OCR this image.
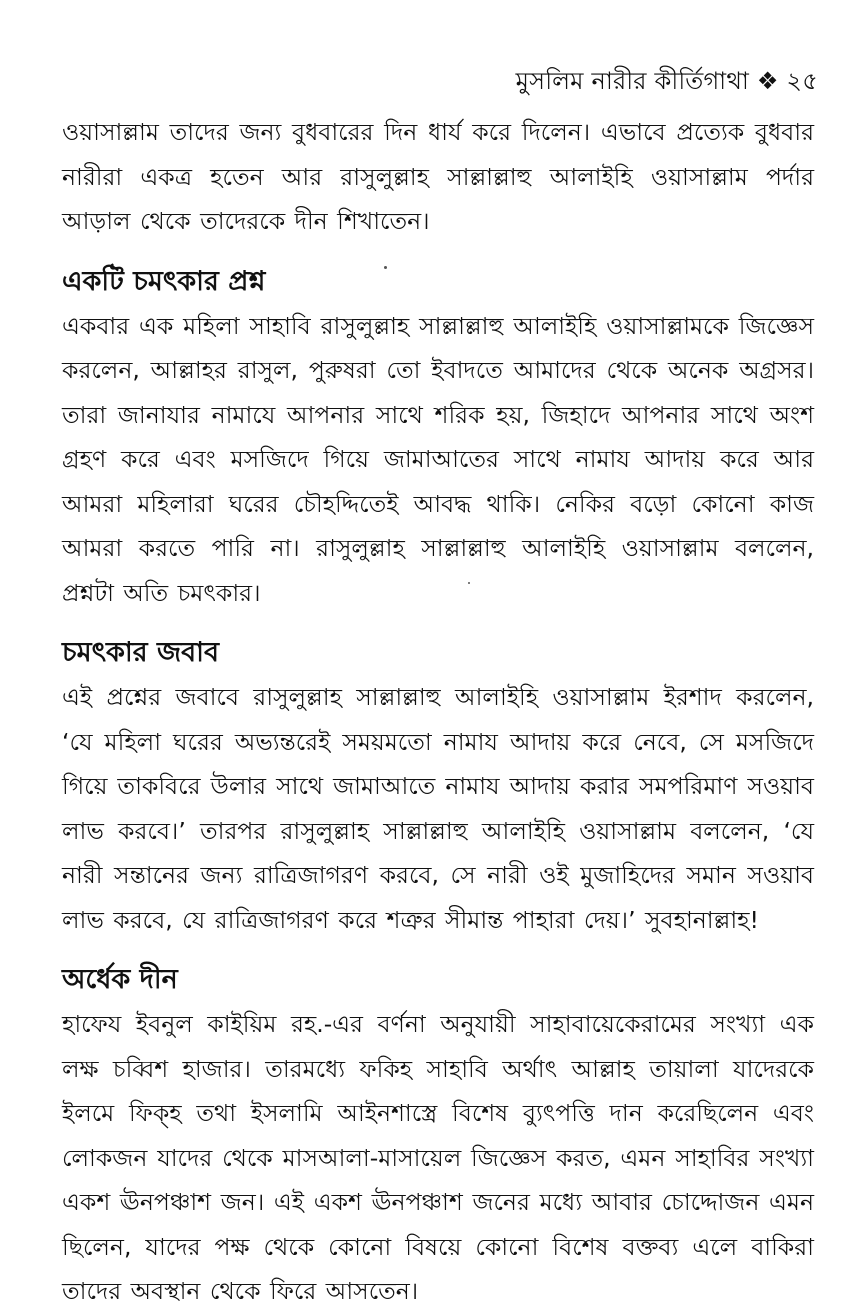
মুসলিম নারীর কীর্তিগাথা ❖ ২৫

ওয়াসাল্লাম তাদের জন্য বুধবারের দিন ধার্য করে দিলেন। এভাবে প্রত্যেক বুধবার নারীরা একত্র হতেন আর রাসুলুল্লাহ সাল্লাল্লাহু আলাইহি ওয়াসাল্লাম পর্দার আড়াল থেকে তাদেরকে দীন শিখাতেন।

একটি চমৎকার প্রশ্ন

একবার এক মহিলা সাহাবি রাসুলুল্লাহ সাল্লাল্লাহু আলাইহি ওয়াসাল্লামকে জিজ্ঞেস করলেন, আল্লাহর রাসুল, পুরুষরা তো ইবাদতে আমাদের থেকে অনেক অগ্রসর। তারা জানাযার নামাযে আপনার সাথে শরিক হয়, জিহাদে আপনার সাথে অংশ গ্রহণ করে এবং মসজিদে গিয়ে জামাআতের সাথে নামায আদায় করে আর আমরা মহিলারা ঘরের চৌহদ্দিতেই আবদ্ধ থাকি। নেকির বড়ো কোনো কাজ আমরা করতে পারি না। রাসুলুল্লাহ সাল্লাল্লাহু আলাইহি ওয়াসাল্লাম বললেন, প্রশ্নটা অতি চমৎকার।

চমৎকার জবাব

এই প্রশ্নের জবাবে রাসুলুল্লাহ সাল্লাল্লাহু আলাইহি ওয়াসাল্লাম ইরশাদ করলেন, ‘যে মহিলা ঘরের অভ্যন্তরেই সময়মতো নামায আদায় করে নেবে, সে মসজিদে গিয়ে তাকবিরে উলার সাথে জামাআতে নামায আদায় করার সমপরিমাণ সওয়াব লাভ করবে।’ তারপর রাসুলুল্লাহ সাল্লাল্লাহু আলাইহি ওয়াসাল্লাম বললেন, ‘যে নারী সন্তানের জন্য রাত্রিজাগরণ করবে, সে নারী ওই মুজাহিদের সমান সওয়াব লাভ করবে, যে রাত্রিজাগরণ করে শত্রুর সীমান্ত পাহারা দেয়।’ সুবহানাল্লাহ!

অর্ধেক দীন

হাফেয ইবনুল কাইয়িম রহ.-এর বর্ণনা অনুযায়ী সাহাবায়েকেরামের সংখ্যা এক লক্ষ চব্বিশ হাজার। তারমধ্যে ফকিহ সাহাবি অর্থাৎ আল্লাহ তায়ালা যাদেরকে ইলমে ফিক্‌হ তথা ইসলামি আইনশাস্ত্রে বিশেষ ব্যুৎপত্তি দান করেছিলেন এবং লোকজন যাদের থেকে মাসআলা-মাসায়েল জিজ্ঞেস করত, এমন সাহাবির সংখ্যা একশ ঊনপঞ্চাশ জন। এই একশ ঊনপঞ্চাশ জনের মধ্যে আবার চোদ্দোজন এমন ছিলেন, যাদের পক্ষ থেকে কোনো বিষয়ে কোনো বিশেষ বক্তব্য এলে বাকিরা তাদের অবস্থান থেকে ফিরে আসতেন।
